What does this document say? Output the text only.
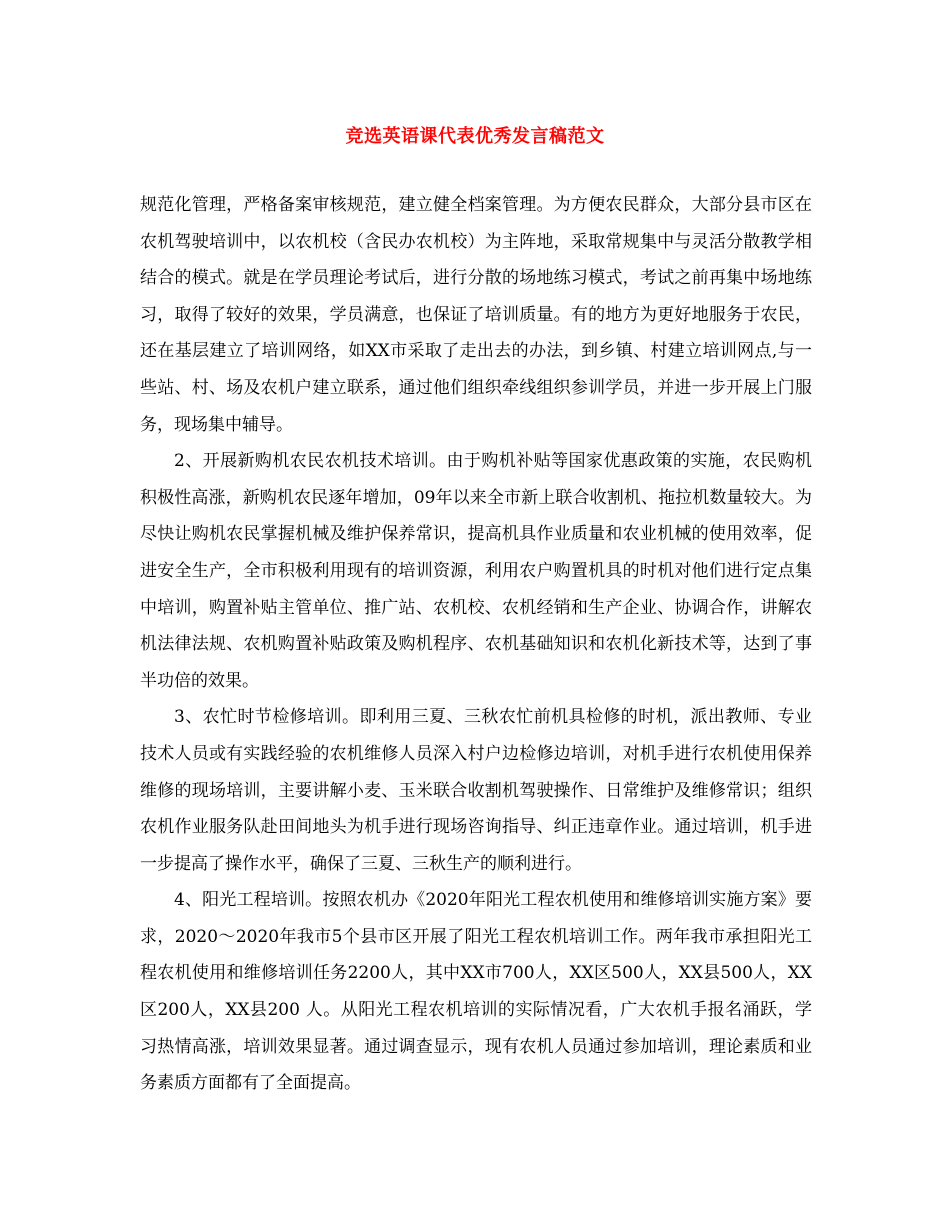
竞选英语课代表优秀发言稿范文

规范化管理，严格备案审核规范，建立健全档案管理。为方便农民群众，大部分县市区在农机驾驶培训中，以农机校（含民办农机校）为主阵地，采取常规集中与灵活分散教学相结合的模式。就是在学员理论考试后，进行分散的场地练习模式，考试之前再集中场地练习，取得了较好的效果，学员满意，也保证了培训质量。有的地方为更好地服务于农民，还在基层建立了培训网络，如XX市采取了走出去的办法，到乡镇、村建立培训网点,与一些站、村、场及农机户建立联系，通过他们组织牵线组织参训学员，并进一步开展上门服务，现场集中辅导。

2、开展新购机农民农机技术培训。由于购机补贴等国家优惠政策的实施，农民购机积极性高涨，新购机农民逐年增加，09年以来全市新上联合收割机、拖拉机数量较大。为尽快让购机农民掌握机械及维护保养常识，提高机具作业质量和农业机械的使用效率，促进安全生产，全市积极利用现有的培训资源，利用农户购置机具的时机对他们进行定点集中培训，购置补贴主管单位、推广站、农机校、农机经销和生产企业、协调合作，讲解农机法律法规、农机购置补贴政策及购机程序、农机基础知识和农机化新技术等，达到了事半功倍的效果。

3、农忙时节检修培训。即利用三夏、三秋农忙前机具检修的时机，派出教师、专业技术人员或有实践经验的农机维修人员深入村户边检修边培训，对机手进行农机使用保养维修的现场培训，主要讲解小麦、玉米联合收割机驾驶操作、日常维护及维修常识；组织农机作业服务队赴田间地头为机手进行现场咨询指导、纠正违章作业。通过培训，机手进一步提高了操作水平，确保了三夏、三秋生产的顺利进行。

4、阳光工程培训。按照农机办《2020年阳光工程农机使用和维修培训实施方案》要求，2020～2020年我市5个县市区开展了阳光工程农机培训工作。两年我市承担阳光工程农机使用和维修培训任务2200人，其中XX市700人，XX区500人，XX县500人，XX区200人，XX县200 人。从阳光工程农机培训的实际情况看，广大农机手报名涌跃，学习热情高涨，培训效果显著。通过调查显示，现有农机人员通过参加培训，理论素质和业务素质方面都有了全面提高。
